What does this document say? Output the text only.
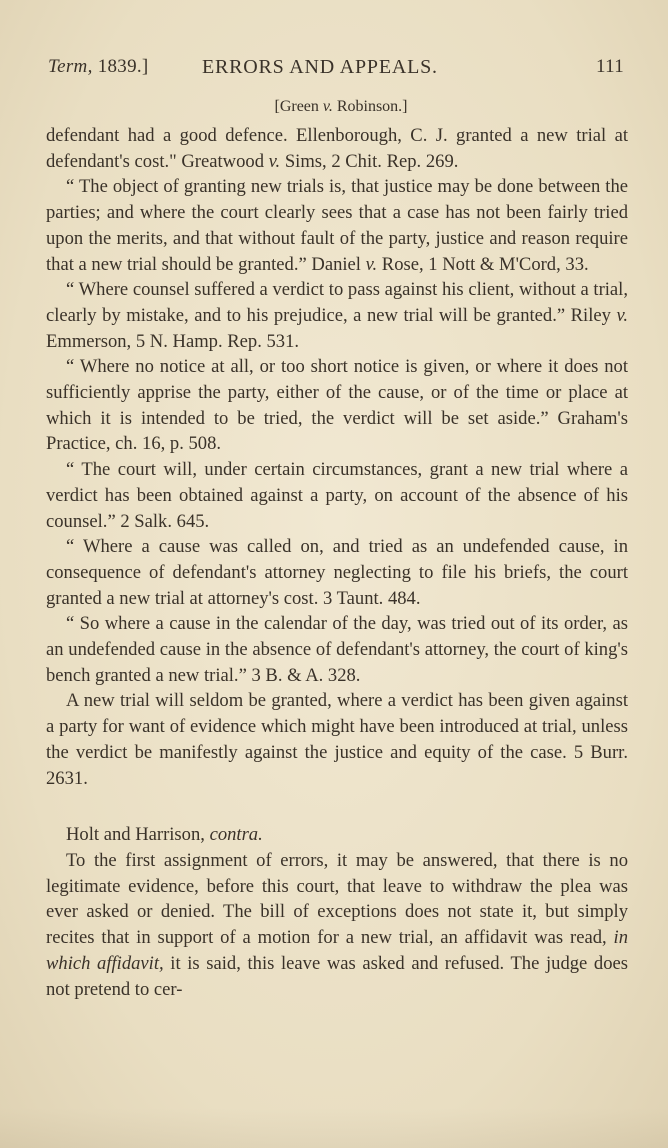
Term, 1839.]	ERRORS AND APPEALS.	111
[Green v. Robinson.]

defendant had a good defence. Ellenborough, C. J. granted a new trial at defendant's cost." Greatwood v. Sims, 2 Chit. Rep. 269.

“ The object of granting new trials is, that justice may be done between the parties; and where the court clearly sees that a case has not been fairly tried upon the merits, and that without fault of the party, justice and reason require that a new trial should be granted.” Daniel v. Rose, 1 Nott & M'Cord, 33.

“ Where counsel suffered a verdict to pass against his client, without a trial, clearly by mistake, and to his prejudice, a new trial will be granted.” Riley v. Emmerson, 5 N. Hamp. Rep. 531.

“ Where no notice at all, or too short notice is given, or where it does not sufficiently apprise the party, either of the cause, or of the time or place at which it is intended to be tried, the verdict will be set aside.” Graham's Practice, ch. 16, p. 508.

“ The court will, under certain circumstances, grant a new trial where a verdict has been obtained against a party, on account of the absence of his counsel.” 2 Salk. 645.

“ Where a cause was called on, and tried as an undefended cause, in consequence of defendant's attorney neglecting to file his briefs, the court granted a new trial at attorney's cost. 3 Taunt. 484.

“ So where a cause in the calendar of the day, was tried out of its order, as an undefended cause in the absence of defendant's attorney, the court of king's bench granted a new trial.” 3 B. & A. 328.

A new trial will seldom be granted, where a verdict has been given against a party for want of evidence which might have been introduced at trial, unless the verdict be manifestly against the justice and equity of the case. 5 Burr. 2631.

Holt and Harrison, contra.

To the first assignment of errors, it may be answered, that there is no legitimate evidence, before this court, that leave to withdraw the plea was ever asked or denied. The bill of exceptions does not state it, but simply recites that in support of a motion for a new trial, an affidavit was read, in which affidavit, it is said, this leave was asked and refused. The judge does not pretend to cer-
